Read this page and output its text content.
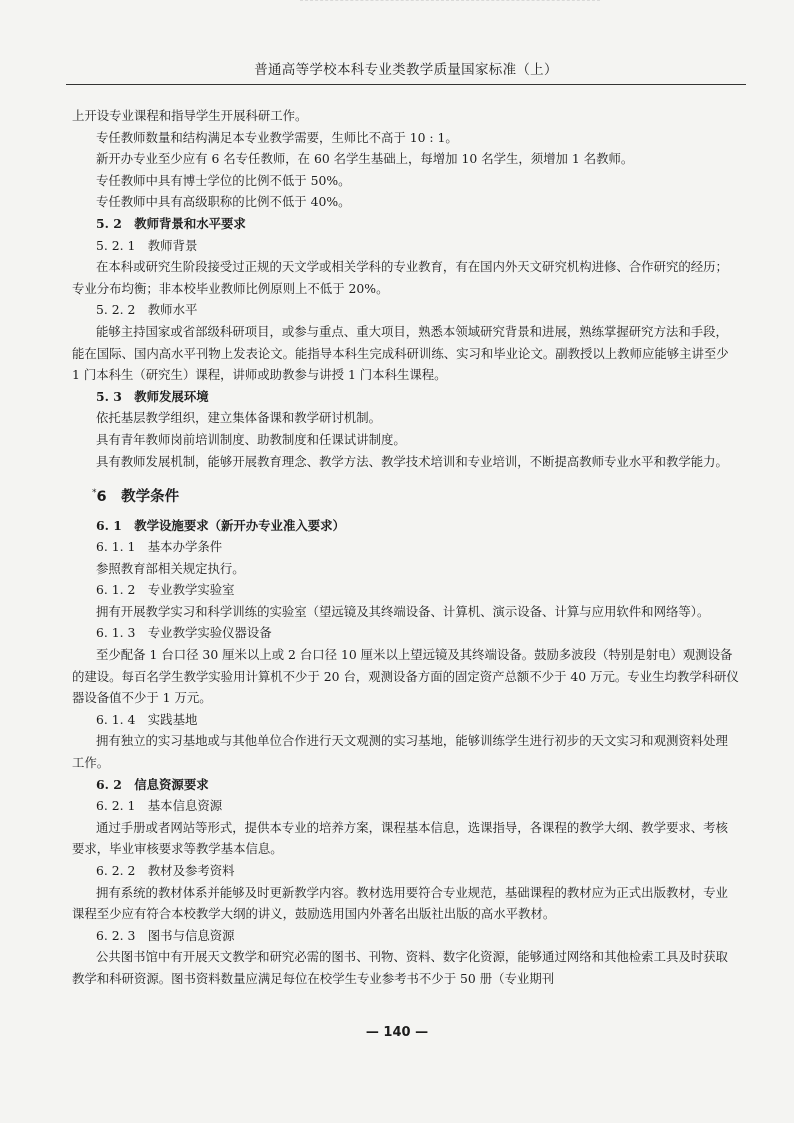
普通高等学校本科专业类教学质量国家标准（上）

上开设专业课程和指导学生开展科研工作。

专任教师数量和结构满足本专业教学需要，生师比不高于 10 : 1。

新开办专业至少应有 6 名专任教师，在 60 名学生基础上，每增加 10 名学生，须增加 1 名教师。

专任教师中具有博士学位的比例不低于 50%。

专任教师中具有高级职称的比例不低于 40%。

5. 2　教师背景和水平要求

5. 2. 1　教师背景

在本科或研究生阶段接受过正规的天文学或相关学科的专业教育，有在国内外天文研究机构进修、合作研究的经历；专业分布均衡；非本校毕业教师比例原则上不低于 20%。

5. 2. 2　教师水平

能够主持国家或省部级科研项目，或参与重点、重大项目，熟悉本领域研究背景和进展，熟练掌握研究方法和手段，能在国际、国内高水平刊物上发表论文。能指导本科生完成科研训练、实习和毕业论文。副教授以上教师应能够主讲至少 1 门本科生（研究生）课程，讲师或助教参与讲授 1 门本科生课程。

5. 3　教师发展环境

依托基层教学组织，建立集体备课和教学研讨机制。

具有青年教师岗前培训制度、助教制度和任课试讲制度。

具有教师发展机制，能够开展教育理念、教学方法、教学技术培训和专业培训，不断提高教师专业水平和教学能力。

*6　教学条件

6. 1　教学设施要求（新开办专业准入要求）

6. 1. 1　基本办学条件

参照教育部相关规定执行。

6. 1. 2　专业教学实验室

拥有开展教学实习和科学训练的实验室（望远镜及其终端设备、计算机、演示设备、计算与应用软件和网络等）。

6. 1. 3　专业教学实验仪器设备

至少配备 1 台口径 30 厘米以上或 2 台口径 10 厘米以上望远镜及其终端设备。鼓励多波段（特别是射电）观测设备的建设。每百名学生教学实验用计算机不少于 20 台，观测设备方面的固定资产总额不少于 40 万元。专业生均教学科研仪器设备值不少于 1 万元。

6. 1. 4　实践基地

拥有独立的实习基地或与其他单位合作进行天文观测的实习基地，能够训练学生进行初步的天文实习和观测资料处理工作。

6. 2　信息资源要求

6. 2. 1　基本信息资源

通过手册或者网站等形式，提供本专业的培养方案，课程基本信息，选课指导，各课程的教学大纲、教学要求、考核要求，毕业审核要求等教学基本信息。

6. 2. 2　教材及参考资料

拥有系统的教材体系并能够及时更新教学内容。教材选用要符合专业规范，基础课程的教材应为正式出版教材，专业课程至少应有符合本校教学大纲的讲义，鼓励选用国内外著名出版社出版的高水平教材。

6. 2. 3　图书与信息资源

公共图书馆中有开展天文教学和研究必需的图书、刊物、资料、数字化资源，能够通过网络和其他检索工具及时获取教学和科研资源。图书资料数量应满足每位在校学生专业参考书不少于 50 册（专业期刊

— 140 —
